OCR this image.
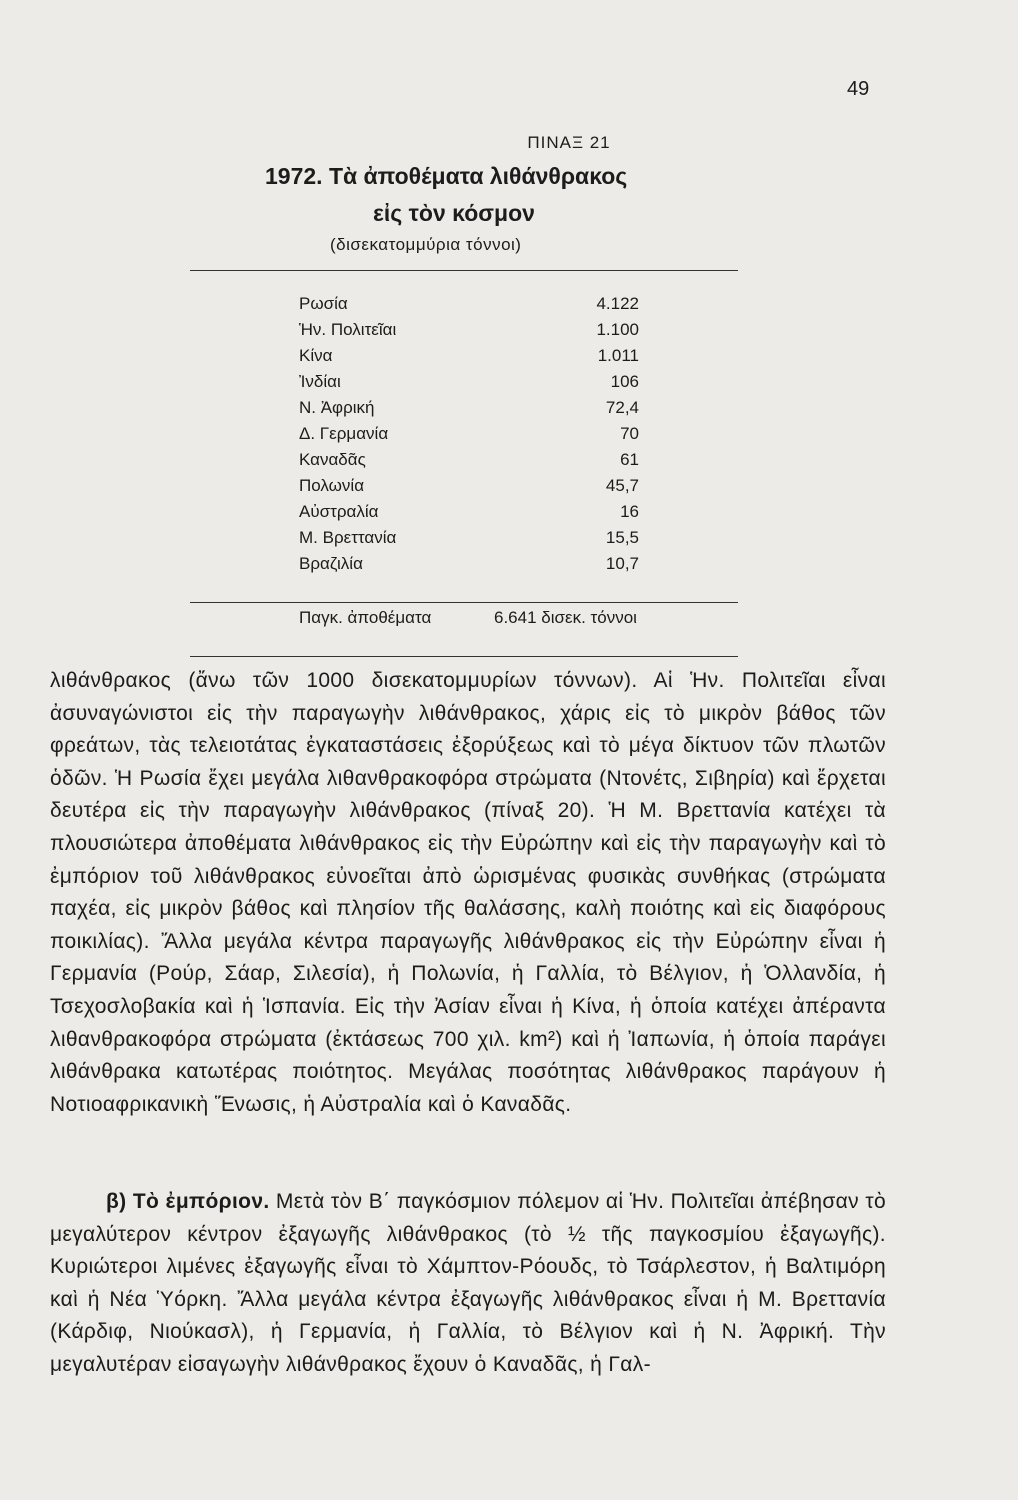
49
ΠΙΝΑΞ 21
1972. Τὰ ἀποθέματα λιθάνθρακος
εἰς τὸν κόσμον
(δισεκατομμύρια τόννοι)
Ρωσία	4.122
Ἡν. Πολιτεῖαι	1.100
Κίνα	1.011
Ἰνδίαι	106
Ν. Ἀφρική	72,4
Δ. Γερμανία	70
Καναδᾶς	61
Πολωνία	45,7
Αὐστραλία	16
Μ. Βρεττανία	15,5
Βραζιλία	10,7
Παγκ. ἀποθέματα	6.641 δισεκ. τόννοι

λιθάνθρακος (ἄνω τῶν 1000 δισεκατομμυρίων τόννων). Αἱ Ἡν. Πολιτεῖαι εἶναι ἀσυναγώνιστοι εἰς τὴν παραγωγὴν λιθάνθρακος, χάρις εἰς τὸ μικρὸν βάθος τῶν φρεάτων, τὰς τελειοτάτας ἐγκαταστάσεις ἐξορύξεως καὶ τὸ μέγα δίκτυον τῶν πλωτῶν ὁδῶν. Ἡ Ρωσία ἔχει μεγάλα λιθανθρακοφόρα στρώματα (Ντονέτς, Σιβηρία) καὶ ἔρχεται δευτέρα εἰς τὴν παραγωγὴν λιθάνθρακος (πίναξ 20). Ἡ Μ. Βρεττανία κατέχει τὰ πλουσιώτερα ἀποθέματα λιθάνθρακος εἰς τὴν Εὐρώπην καὶ εἰς τὴν παραγωγὴν καὶ τὸ ἐμπόριον τοῦ λιθάνθρακος εὐνοεῖται ἀπὸ ὡρισμένας φυσικὰς συνθήκας (στρώματα παχέα, εἰς μικρὸν βάθος καὶ πλησίον τῆς θαλάσσης, καλὴ ποιότης καὶ εἰς διαφόρους ποικιλίας). Ἄλλα μεγάλα κέντρα παραγωγῆς λιθάνθρακος εἰς τὴν Εὐρώπην εἶναι ἡ Γερμανία (Ρούρ, Σάαρ, Σιλεσία), ἡ Πολωνία, ἡ Γαλλία, τὸ Βέλγιον, ἡ Ὁλλανδία, ἡ Τσεχοσλοβακία καὶ ἡ Ἱσπανία. Εἰς τὴν Ἀσίαν εἶναι ἡ Κίνα, ἡ ὁποία κατέχει ἀπέραντα λιθανθρακοφόρα στρώματα (ἐκτάσεως 700 χιλ. km²) καὶ ἡ Ἰαπωνία, ἡ ὁποία παράγει λιθάνθρακα κατωτέρας ποιότητος. Μεγάλας ποσότητας λιθάνθρακος παράγουν ἡ Νοτιοαφρικανικὴ Ἕνωσις, ἡ Αὐστραλία καὶ ὁ Καναδᾶς.

β) Τὸ ἐμπόριον. Μετὰ τὸν Β΄ παγκόσμιον πόλεμον αἱ Ἡν. Πολιτεῖαι ἀπέβησαν τὸ μεγαλύτερον κέντρον ἐξαγωγῆς λιθάνθρακος (τὸ ½ τῆς παγκοσμίου ἐξαγωγῆς). Κυριώτεροι λιμένες ἐξαγωγῆς εἶναι τὸ Χάμπτον-Ρόουδς, τὸ Τσάρλεστον, ἡ Βαλτιμόρη καὶ ἡ Νέα Ὑόρκη. Ἄλλα μεγάλα κέντρα ἐξαγωγῆς λιθάνθρακος εἶναι ἡ Μ. Βρεττανία (Κάρδιφ, Νιούκασλ), ἡ Γερμανία, ἡ Γαλλία, τὸ Βέλγιον καὶ ἡ Ν. Ἀφρική. Τὴν μεγαλυτέραν εἰσαγωγὴν λιθάνθρακος ἔχουν ὁ Καναδᾶς, ἡ Γαλ-
